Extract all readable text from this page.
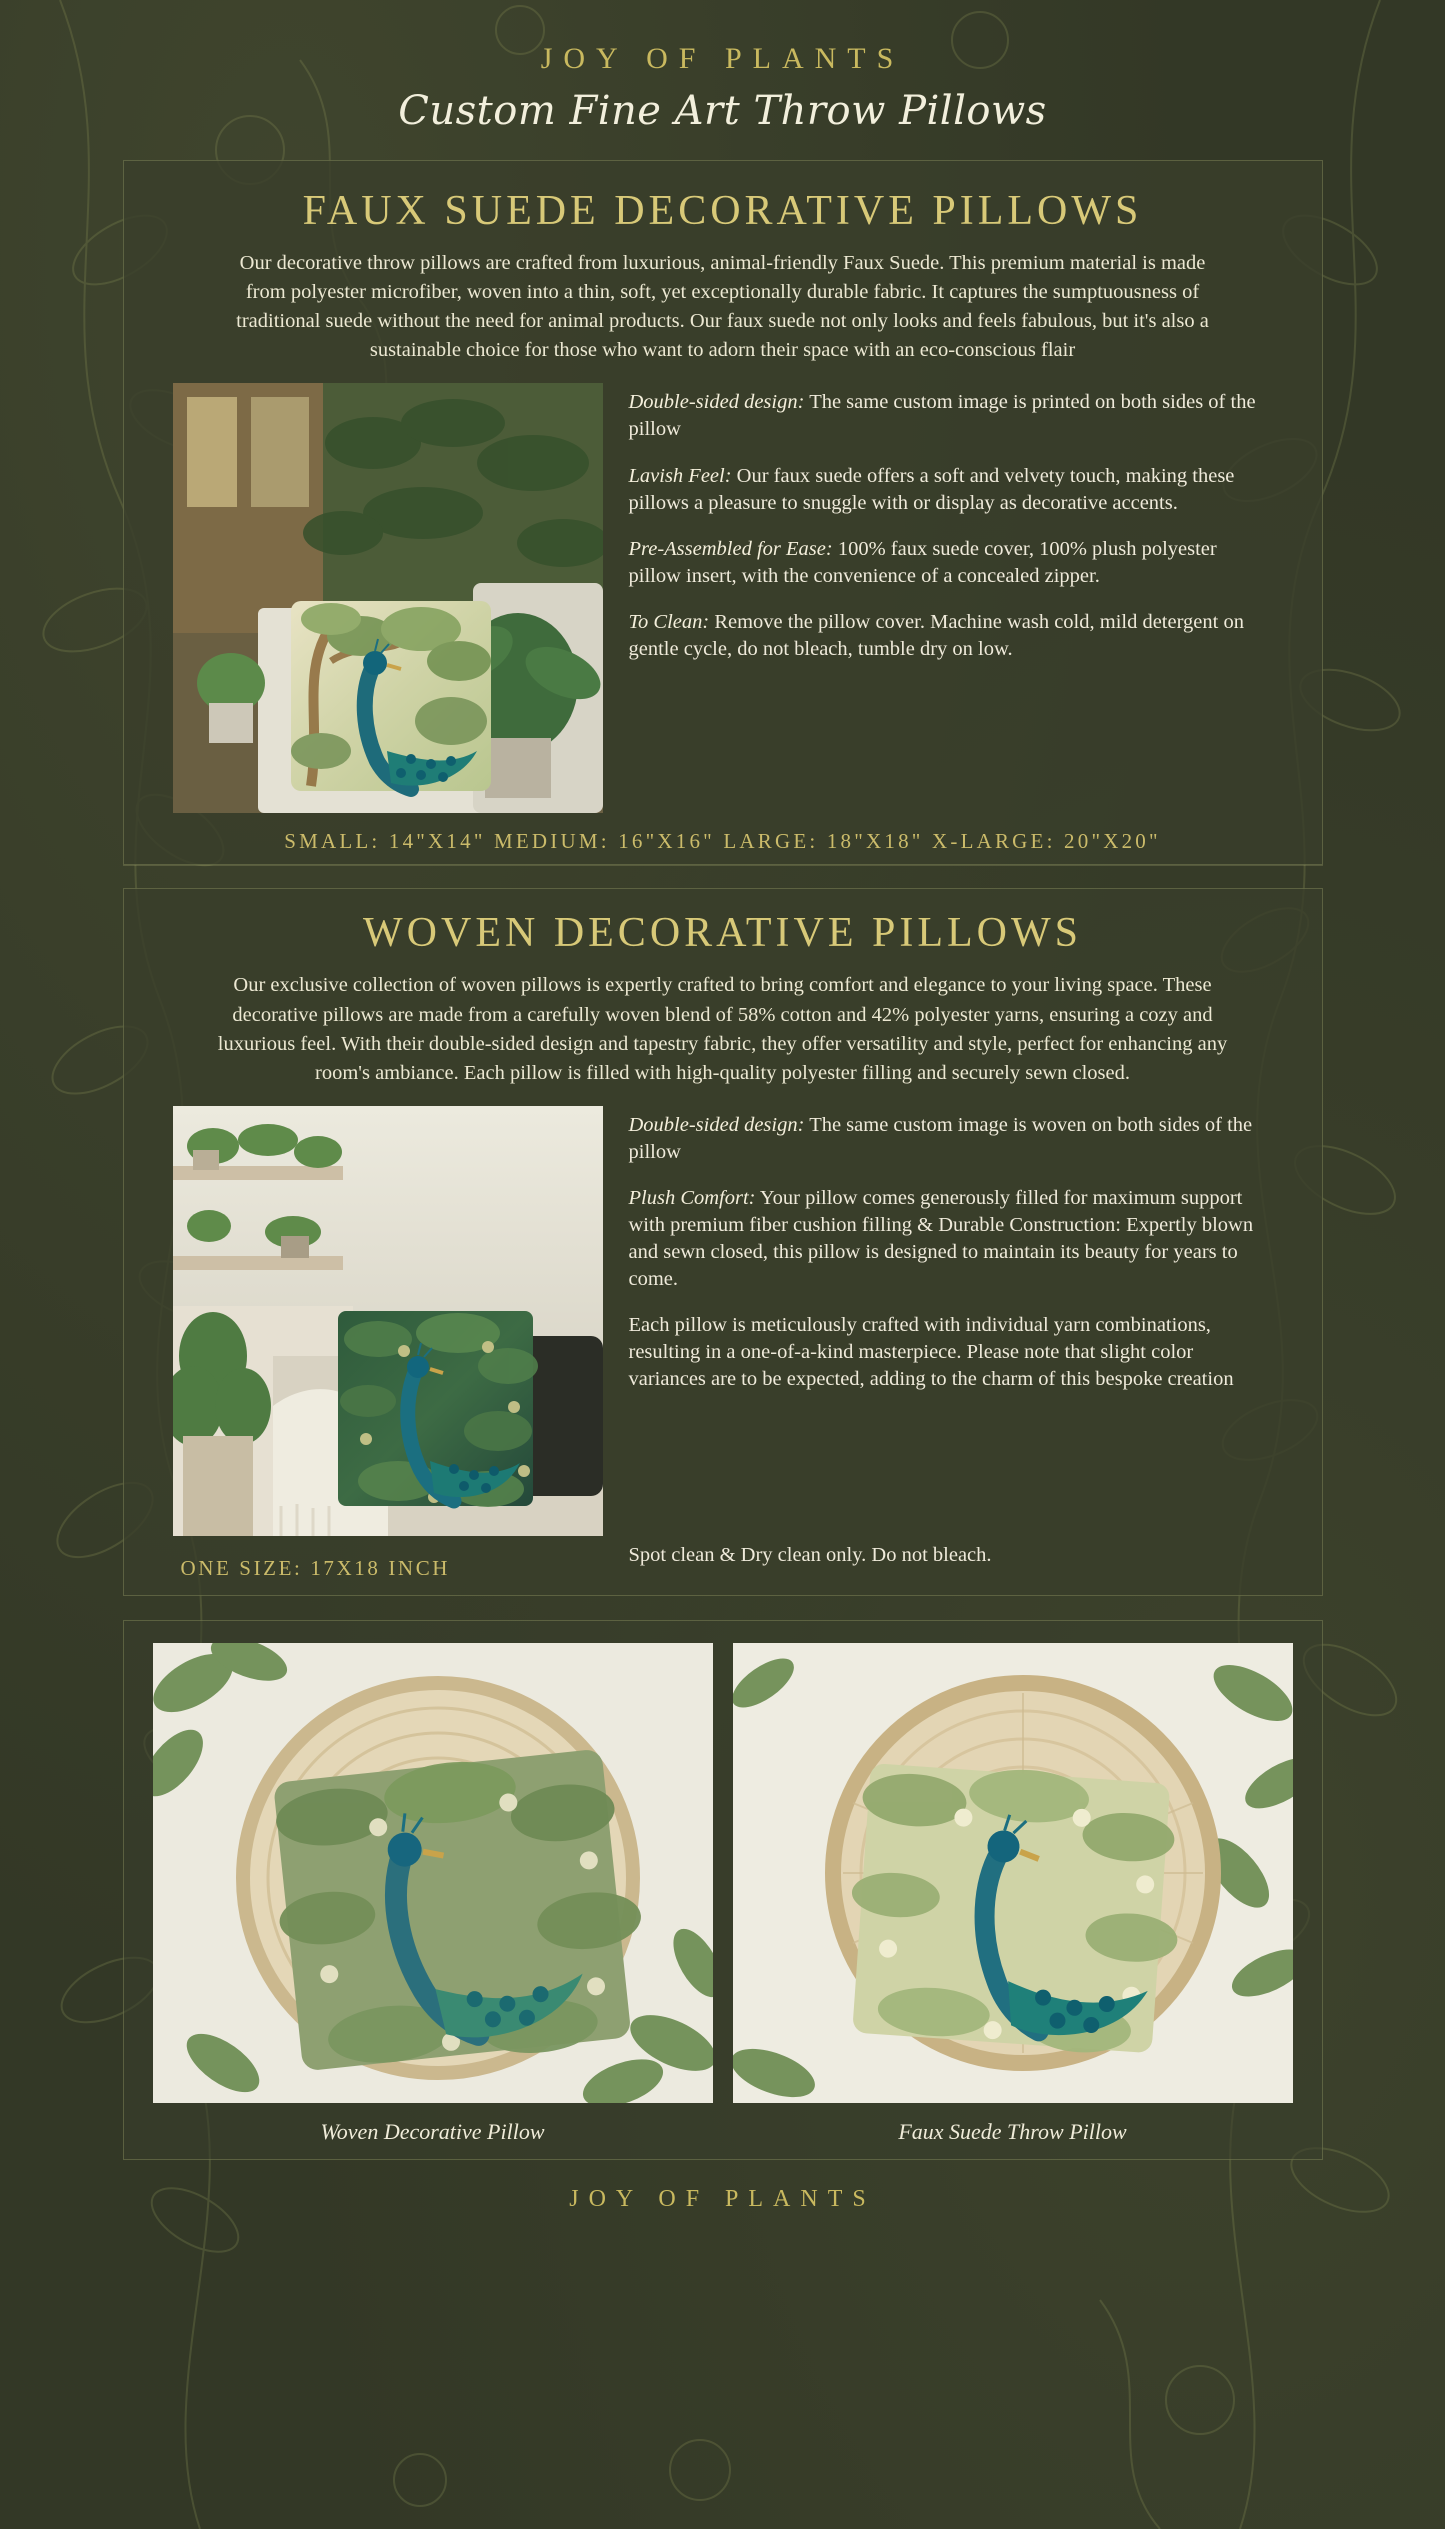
JOY OF PLANTS
Custom Fine Art Throw Pillows
FAUX SUEDE DECORATIVE PILLOWS
Our decorative throw pillows are crafted from luxurious, animal-friendly Faux Suede. This premium material is made from polyester microfiber, woven into a thin, soft, yet exceptionally durable fabric. It captures the sumptuousness of traditional suede without the need for animal products. Our faux suede not only looks and feels fabulous, but it's also a sustainable choice for those who want to adorn their space with an eco-conscious flair
Double-sided design: The same custom image is printed on both sides of the pillow
Lavish Feel: Our faux suede offers a soft and velvety touch, making these pillows a pleasure to snuggle with or display as decorative accents.
Pre-Assembled for Ease: 100% faux suede cover, 100% plush polyester pillow insert, with the convenience of a concealed zipper.
To Clean: Remove the pillow cover. Machine wash cold, mild detergent on gentle cycle, do not bleach, tumble dry on low.
SMALL: 14"X14" MEDIUM: 16"X16" LARGE: 18"X18" X-LARGE: 20"X20"
WOVEN DECORATIVE PILLOWS
Our exclusive collection of woven pillows is expertly crafted to bring comfort and elegance to your living space. These decorative pillows are made from a carefully woven blend of 58% cotton and 42% polyester yarns, ensuring a cozy and luxurious feel. With their double-sided design and tapestry fabric, they offer versatility and style, perfect for enhancing any room's ambiance. Each pillow is filled with high-quality polyester filling and securely sewn closed.
Double-sided design: The same custom image is woven on both sides of the pillow
Plush Comfort: Your pillow comes generously filled for maximum support with premium fiber cushion filling & Durable Construction: Expertly blown and sewn closed, this pillow is designed to maintain its beauty for years to come.
Each pillow is meticulously crafted with individual yarn combinations, resulting in a one-of-a-kind masterpiece. Please note that slight color variances are to be expected, adding to the charm of this bespoke creation
ONE SIZE: 17X18 INCH
Spot clean & Dry clean only. Do not bleach.
Woven Decorative Pillow	Faux Suede Throw Pillow
JOY OF PLANTS
